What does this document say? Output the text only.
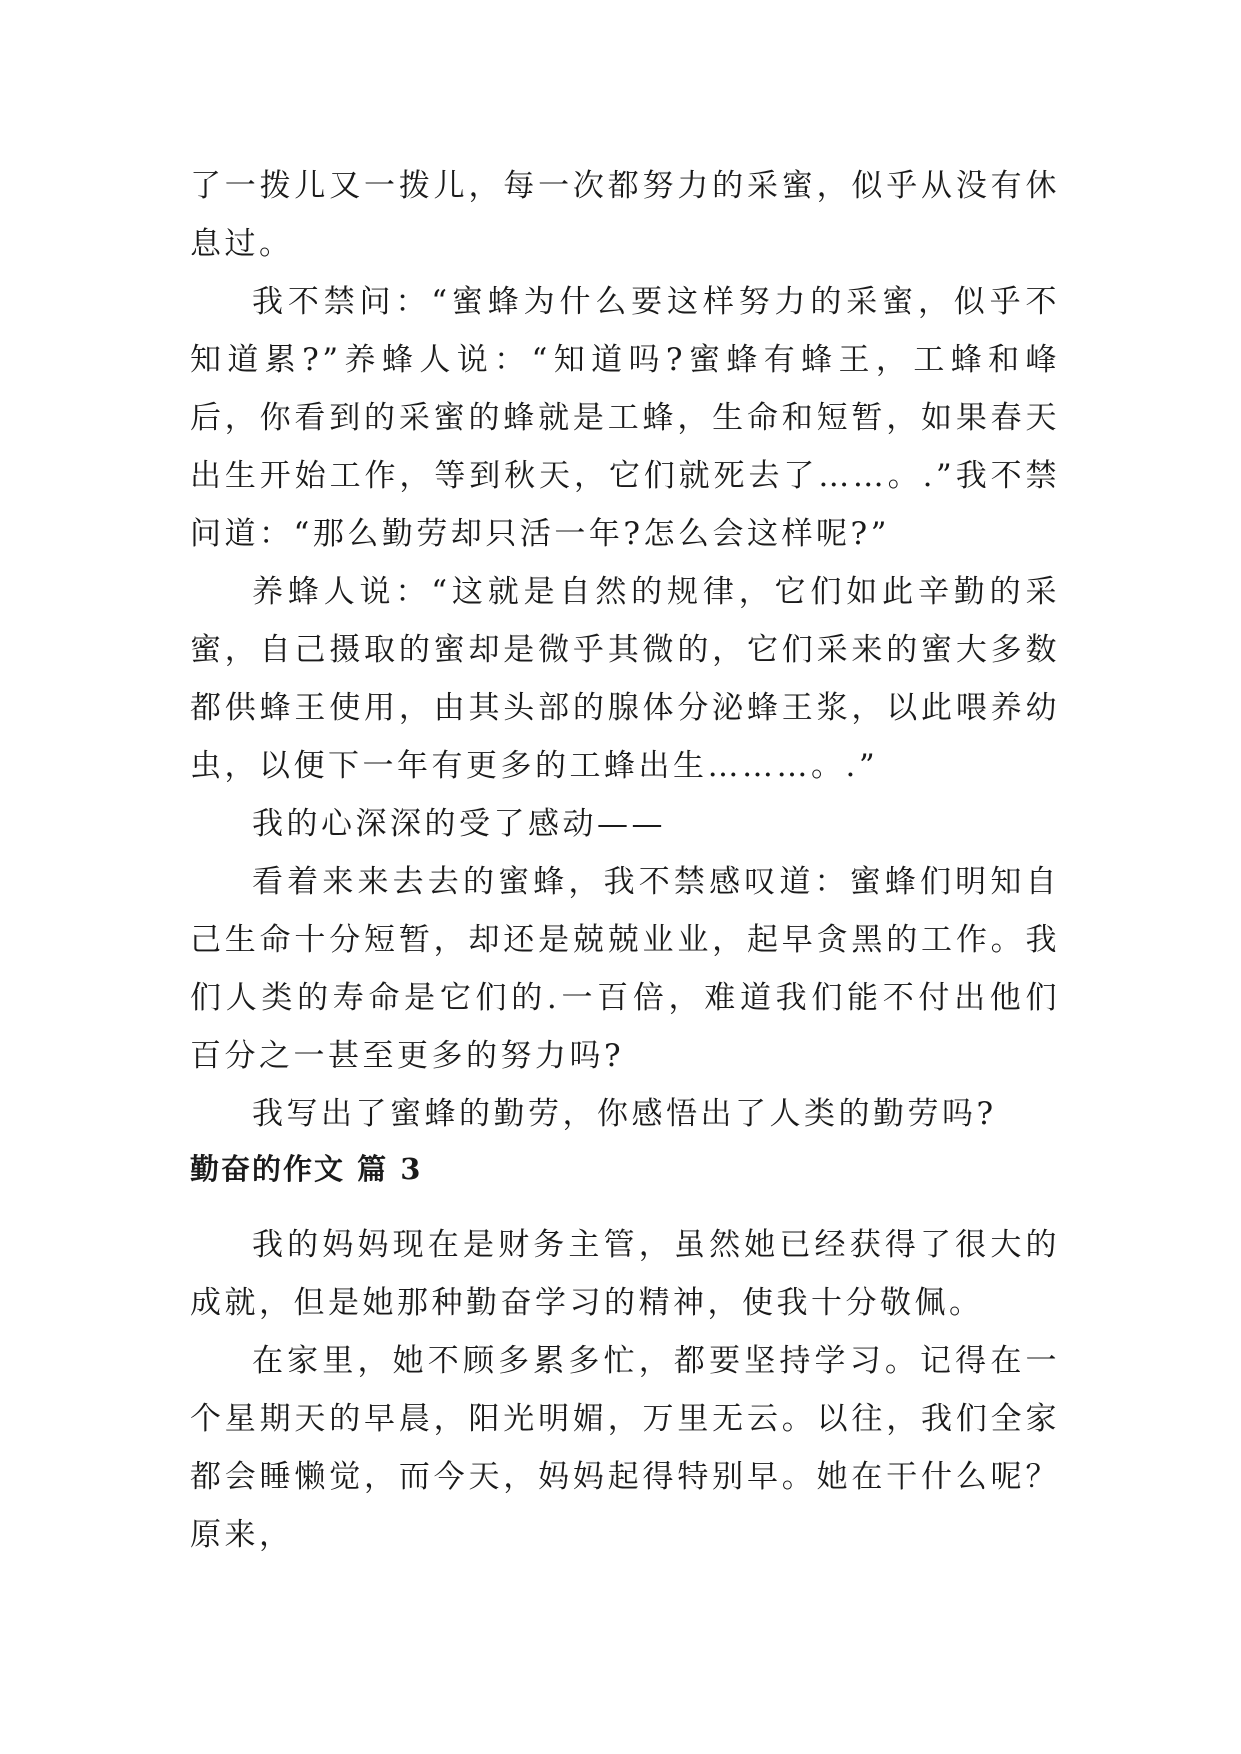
了一拨儿又一拨儿，每一次都努力的采蜜，似乎从没有休息过。

我不禁问：“蜜蜂为什么要这样努力的采蜜，似乎不知道累?”养蜂人说：“知道吗?蜜蜂有蜂王，工蜂和峰后，你看到的采蜜的蜂就是工蜂，生命和短暂，如果春天出生开始工作，等到秋天，它们就死去了……。.”我不禁问道：“那么勤劳却只活一年?怎么会这样呢?”

养蜂人说：“这就是自然的规律，它们如此辛勤的采蜜，自己摄取的蜜却是微乎其微的，它们采来的蜜大多数都供蜂王使用，由其头部的腺体分泌蜂王浆，以此喂养幼虫，以便下一年有更多的工蜂出生………。.”

我的心深深的受了感动——

看着来来去去的蜜蜂，我不禁感叹道：蜜蜂们明知自己生命十分短暂，却还是兢兢业业，起早贪黑的工作。我们人类的寿命是它们的.一百倍，难道我们能不付出他们百分之一甚至更多的努力吗?

我写出了蜜蜂的勤劳，你感悟出了人类的勤劳吗?

勤奋的作文 篇 3

我的妈妈现在是财务主管，虽然她已经获得了很大的成就，但是她那种勤奋学习的精神，使我十分敬佩。

在家里，她不顾多累多忙，都要坚持学习。记得在一个星期天的早晨，阳光明媚，万里无云。以往，我们全家都会睡懒觉，而今天，妈妈起得特别早。她在干什么呢？原来，
